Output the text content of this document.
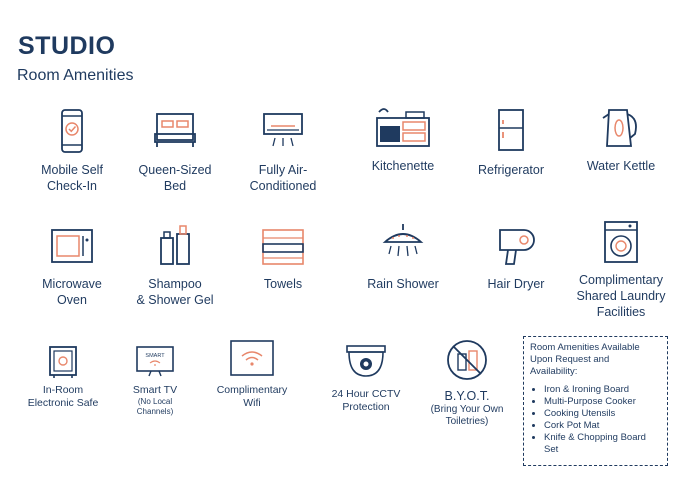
STUDIO
Room Amenities
Mobile Self
Check-In
Queen-Sized
Bed
Fully Air-
Conditioned
Kitchenette	Refrigerator	Water Kettle
Microwave
Oven
Shampoo
& Shower Gel
Towels	Rain Shower	Hair Dryer	Complimentary
Shared Laundry
Facilities
In-Room
Electronic Safe
SMART
Smart TV
(No Local
Channels)
Complimentary
Wifi
24 Hour CCTV
Protection
B.Y.O.T.
(Bring Your Own
Toiletries)
Room Amenities Available
Upon Request and
Availability:
• Iron & Ironing Board
• Multi-Purpose Cooker
• Cooking Utensils
• Cork Pot Mat
• Knife & Chopping Board
Set
